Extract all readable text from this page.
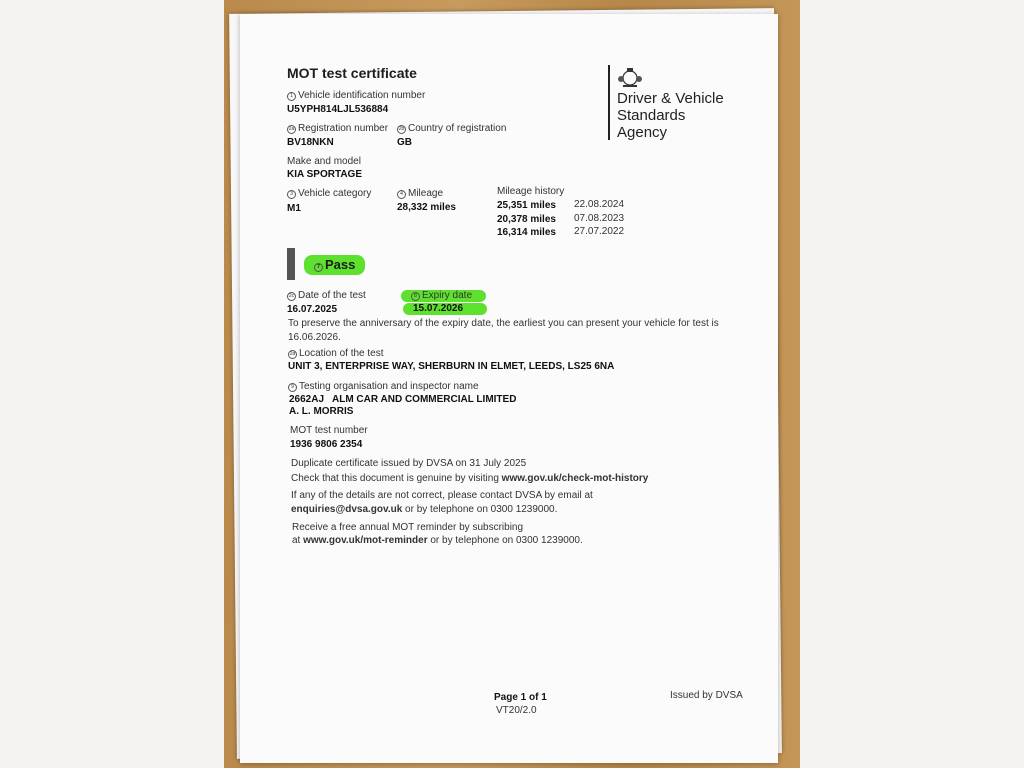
MOT test certificate
1 Vehicle identification number
U5YPH814LJL536884
2a Registration number
BV18NKN
2b Country of registration
GB
Make and model
KIA SPORTAGE
3 Vehicle category
M1
4 Mileage
28,332 miles
Mileage history
25,351 miles 22.08.2024
20,378 miles 07.08.2023
16,314 miles 27.07.2022
7 Pass
2c Date of the test
16.07.2025
8 Expiry date
15.07.2026
To preserve the anniversary of the expiry date, the earliest you can present your vehicle for test is
16.06.2026.
2d Location of the test
UNIT 3, ENTERPRISE WAY, SHERBURN IN ELMET, LEEDS, LS25 6NA
9 Testing organisation and inspector name
2662AJ   ALM CAR AND COMMERCIAL LIMITED
A. L. MORRIS
MOT test number
1936 9806 2354
Duplicate certificate issued by DVSA on 31 July 2025
Check that this document is genuine by visiting www.gov.uk/check-mot-history
If any of the details are not correct, please contact DVSA by email at
enquiries@dvsa.gov.uk or by telephone on 0300 1239000.
Receive a free annual MOT reminder by subscribing
at www.gov.uk/mot-reminder or by telephone on 0300 1239000.
Driver & Vehicle
Standards
Agency
Page 1 of 1
VT20/2.0
Issued by DVSA
